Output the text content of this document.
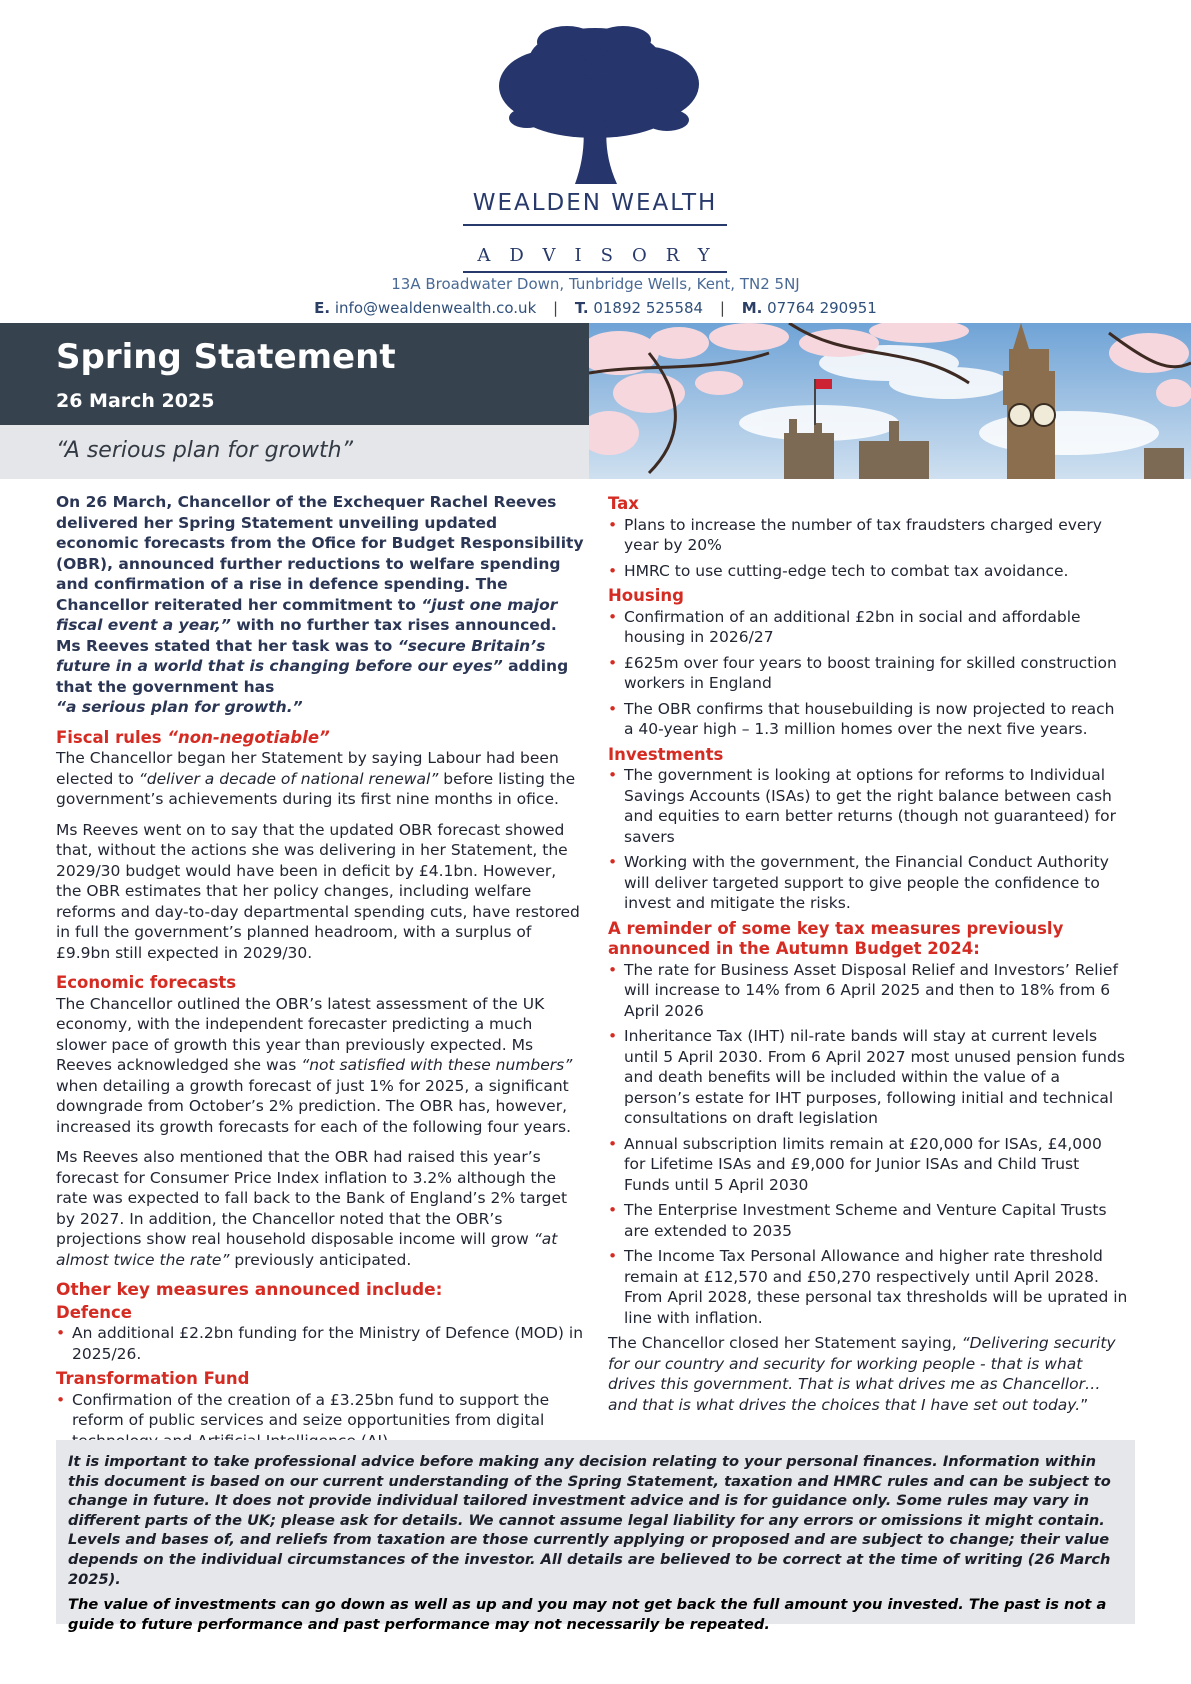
WEALDEN WEALTH
ADVISORY
13A Broadwater Down, Tunbridge Wells, Kent, TN2 5NJ
E. info@wealdenwealth.co.uk | T. 01892 525584 | M. 07764 290951
Spring Statement
26 March 2025
“A serious plan for growth”

On 26 March, Chancellor of the Exchequer Rachel Reeves delivered her Spring Statement unveiling updated economic forecasts from the Ofice for Budget Responsibility (OBR), announced further reductions to welfare spending and confirmation of a rise in defence spending. The Chancellor reiterated her commitment to “just one major fiscal event a year,” with no further tax rises announced. Ms Reeves stated that her task was to “secure Britain’s future in a world that is changing before our eyes” adding that the government has
“a serious plan for growth.”

Fiscal rules “non-negotiable”

The Chancellor began her Statement by saying Labour had been elected to “deliver a decade of national renewal” before listing the government’s achievements during its first nine months in ofice.

Ms Reeves went on to say that the updated OBR forecast showed that, without the actions she was delivering in her Statement, the 2029/30 budget would have been in deficit by £4.1bn. However, the OBR estimates that her policy changes, including welfare reforms and day-to-day departmental spending cuts, have restored in full the government’s planned headroom, with a surplus of £9.9bn still expected in 2029/30.

Economic forecasts

The Chancellor outlined the OBR’s latest assessment of the UK economy, with the independent forecaster predicting a much slower pace of growth this year than previously expected. Ms Reeves acknowledged she was “not satisfied with these numbers” when detailing a growth forecast of just 1% for 2025, a significant downgrade from October’s 2% prediction. The OBR has, however, increased its growth forecasts for each of the following four years.

Ms Reeves also mentioned that the OBR had raised this year’s forecast for Consumer Price Index inflation to 3.2% although the rate was expected to fall back to the Bank of England’s 2% target by 2027. In addition, the Chancellor noted that the OBR’s projections show real household disposable income will grow “at almost twice the rate” previously anticipated.

Other key measures announced include:
Defence
• An additional £2.2bn funding for the Ministry of Defence (MOD) in 2025/26.
Transformation Fund
• Confirmation of the creation of a £3.25bn fund to support the reform of public services and seize opportunities from digital
Tax
• Plans to increase the number of tax fraudsters charged every year by 20%
• HMRC to use cutting-edge tech to combat tax avoidance.
Housing
• Confirmation of an additional £2bn in social and affordable housing in 2026/27
• £625m over four years to boost training for skilled construction workers in England
• The OBR confirms that housebuilding is now projected to reach a 40-year high – 1.3 million homes over the next five years.
Investments
• The government is looking at options for reforms to Individual Savings Accounts (ISAs) to get the right balance between cash and equities to earn better returns (though not guaranteed) for savers
• Working with the government, the Financial Conduct Authority will deliver targeted support to give people the confidence to invest and mitigate the risks.
A reminder of some key tax measures previously announced in the Autumn Budget 2024:
• The rate for Business Asset Disposal Relief and Investors’ Relief will increase to 14% from 6 April 2025 and then to 18% from 6 April 2026
• Inheritance Tax (IHT) nil-rate bands will stay at current levels until 5 April 2030. From 6 April 2027 most unused pension funds and death benefits will be included within the value of a person’s estate for IHT purposes, following initial and technical consultations on draft legislation
• Annual subscription limits remain at £20,000 for ISAs, £4,000 for Lifetime ISAs and £9,000 for Junior ISAs and Child Trust Funds until 5 April 2030
• The Enterprise Investment Scheme and Venture Capital Trusts are extended to 2035
• The Income Tax Personal Allowance and higher rate threshold remain at £12,570 and £50,270 respectively until April 2028. From April 2028, these personal tax thresholds will be uprated in line with inflation.

The Chancellor closed her Statement saying, “Delivering security for our country and security for working people - that is what drives this government. That is what drives me as Chancellor… and that is what drives the choices that I have set out today.”

It is important to take professional advice before making any decision relating to your personal finances. Information within this document is based on our current understanding of the Spring Statement, taxation and HMRC rules and can be subject to change in future. It does not provide individual tailored investment advice and is for guidance only. Some rules may vary in different parts of the UK; please ask for details. We cannot assume legal liability for any errors or omissions it might contain. Levels and bases of, and reliefs from taxation are those currently applying or proposed and are subject to change; their value depends on the individual circumstances of the investor. All details are believed to be correct at the time of writing (26 March 2025).

The value of investments can go down as well as up and you may not get back the full amount you invested. The past is not a guide to future performance and past performance may not necessarily be repeated.
